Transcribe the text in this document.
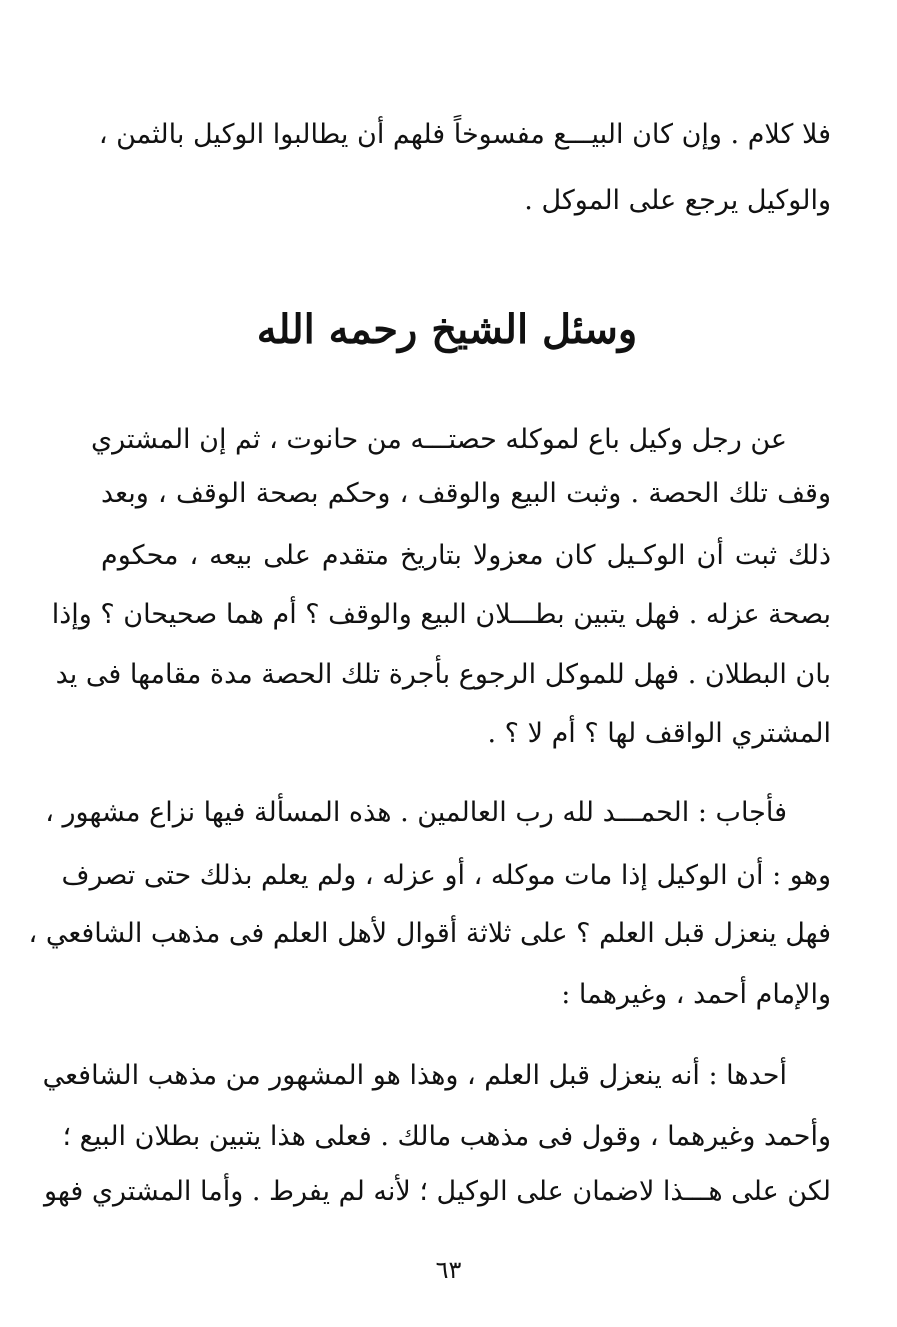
فلا كلام . وإن كان البيـــع مفسوخاً فلهم أن يطالبوا الوكيل بالثمن ،
والوكيل يرجع على الموكل .
وسئل الشيخ رحمه الله
عن رجل وكيل باع لموكله حصتـــه من حانوت ، ثم إن المشتري
وقف تلك الحصة . وثبت البيع والوقف ، وحكم بصحة الوقف ، وبعد
ذلك ثبت أن الوكـيل كان معزولا بتاريخ متقدم على بيعه ، محكوم
بصحة عزله . فهل يتبين بطـــلان البيع والوقف ؟ أم هما صحيحان ؟ وإذا
بان البطلان . فهل للموكل الرجوع بأجرة تلك الحصة مدة مقامها فى يد
المشتري الواقف لها ؟ أم لا ؟ .
فأجاب : الحمـــد لله رب العالمين . هذه المسألة فيها نزاع مشهور ،
وهو : أن الوكيل إذا مات موكله ، أو عزله ، ولم يعلم بذلك حتى تصرف
فهل ينعزل قبل العلم ؟ على ثلاثة أقوال لأهل العلم فى مذهب الشافعي ،
والإمام أحمد ، وغيرهما :
أحدها : أنه ينعزل قبل العلم ، وهذا هو المشهور من مذهب الشافعي
وأحمد وغيرهما ، وقول فى مذهب مالك . فعلى هذا يتبين بطلان البيع ؛
لكن على هـــذا لاضمان على الوكيل ؛ لأنه لم يفرط . وأما المشتري فهو
٦٣
